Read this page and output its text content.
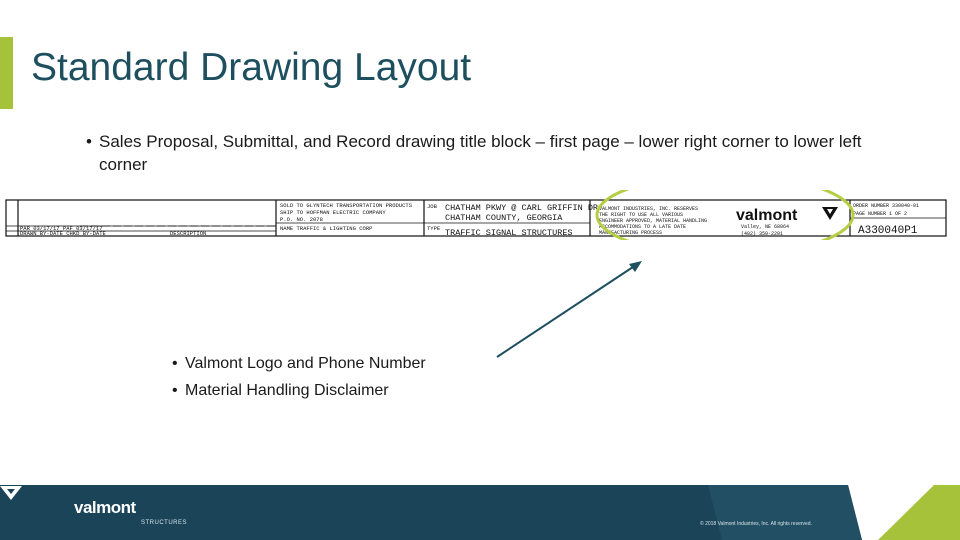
Standard Drawing Layout
• Sales Proposal, Submittal, and Record drawing title block – first page – lower right corner to lower left corner
PAR 03/17/17 PAF 03/17/17
DRAWN BY-DATE CHKD BY-DATE	DESCRIPTION
SOLD TO GLYNTECH TRANSPORTATION PRODUCTS
SHIP TO HOFFMAN ELECTRIC COMPANY
P.O. NO. 2078
NAME TRAFFIC & LIGHTING CORP
JOB
TYPE
CHATHAM PKWY @ CARL GRIFFIN DR
CHATHAM COUNTY, GEORGIA
TRAFFIC SIGNAL STRUCTURES
VALMONT INDUSTRIES, INC. RESERVES
THE RIGHT TO USE ALL VARIOUS
ENGINEER APPROVED, MATERIAL HANDLING
ACCOMMODATIONS TO A LATE DATE
MANUFACTURING PROCESS
Valley, NE 68064
(402) 359-2201
ORDER NUMBER 330040-01
PAGE NUMBER 1 OF 2
valmont
A330040P1
• Valmont Logo and Phone Number
• Material Handling Disclaimer
valmont
STRUCTURES	© 2018 Valmont Industries, Inc. All rights reserved.
